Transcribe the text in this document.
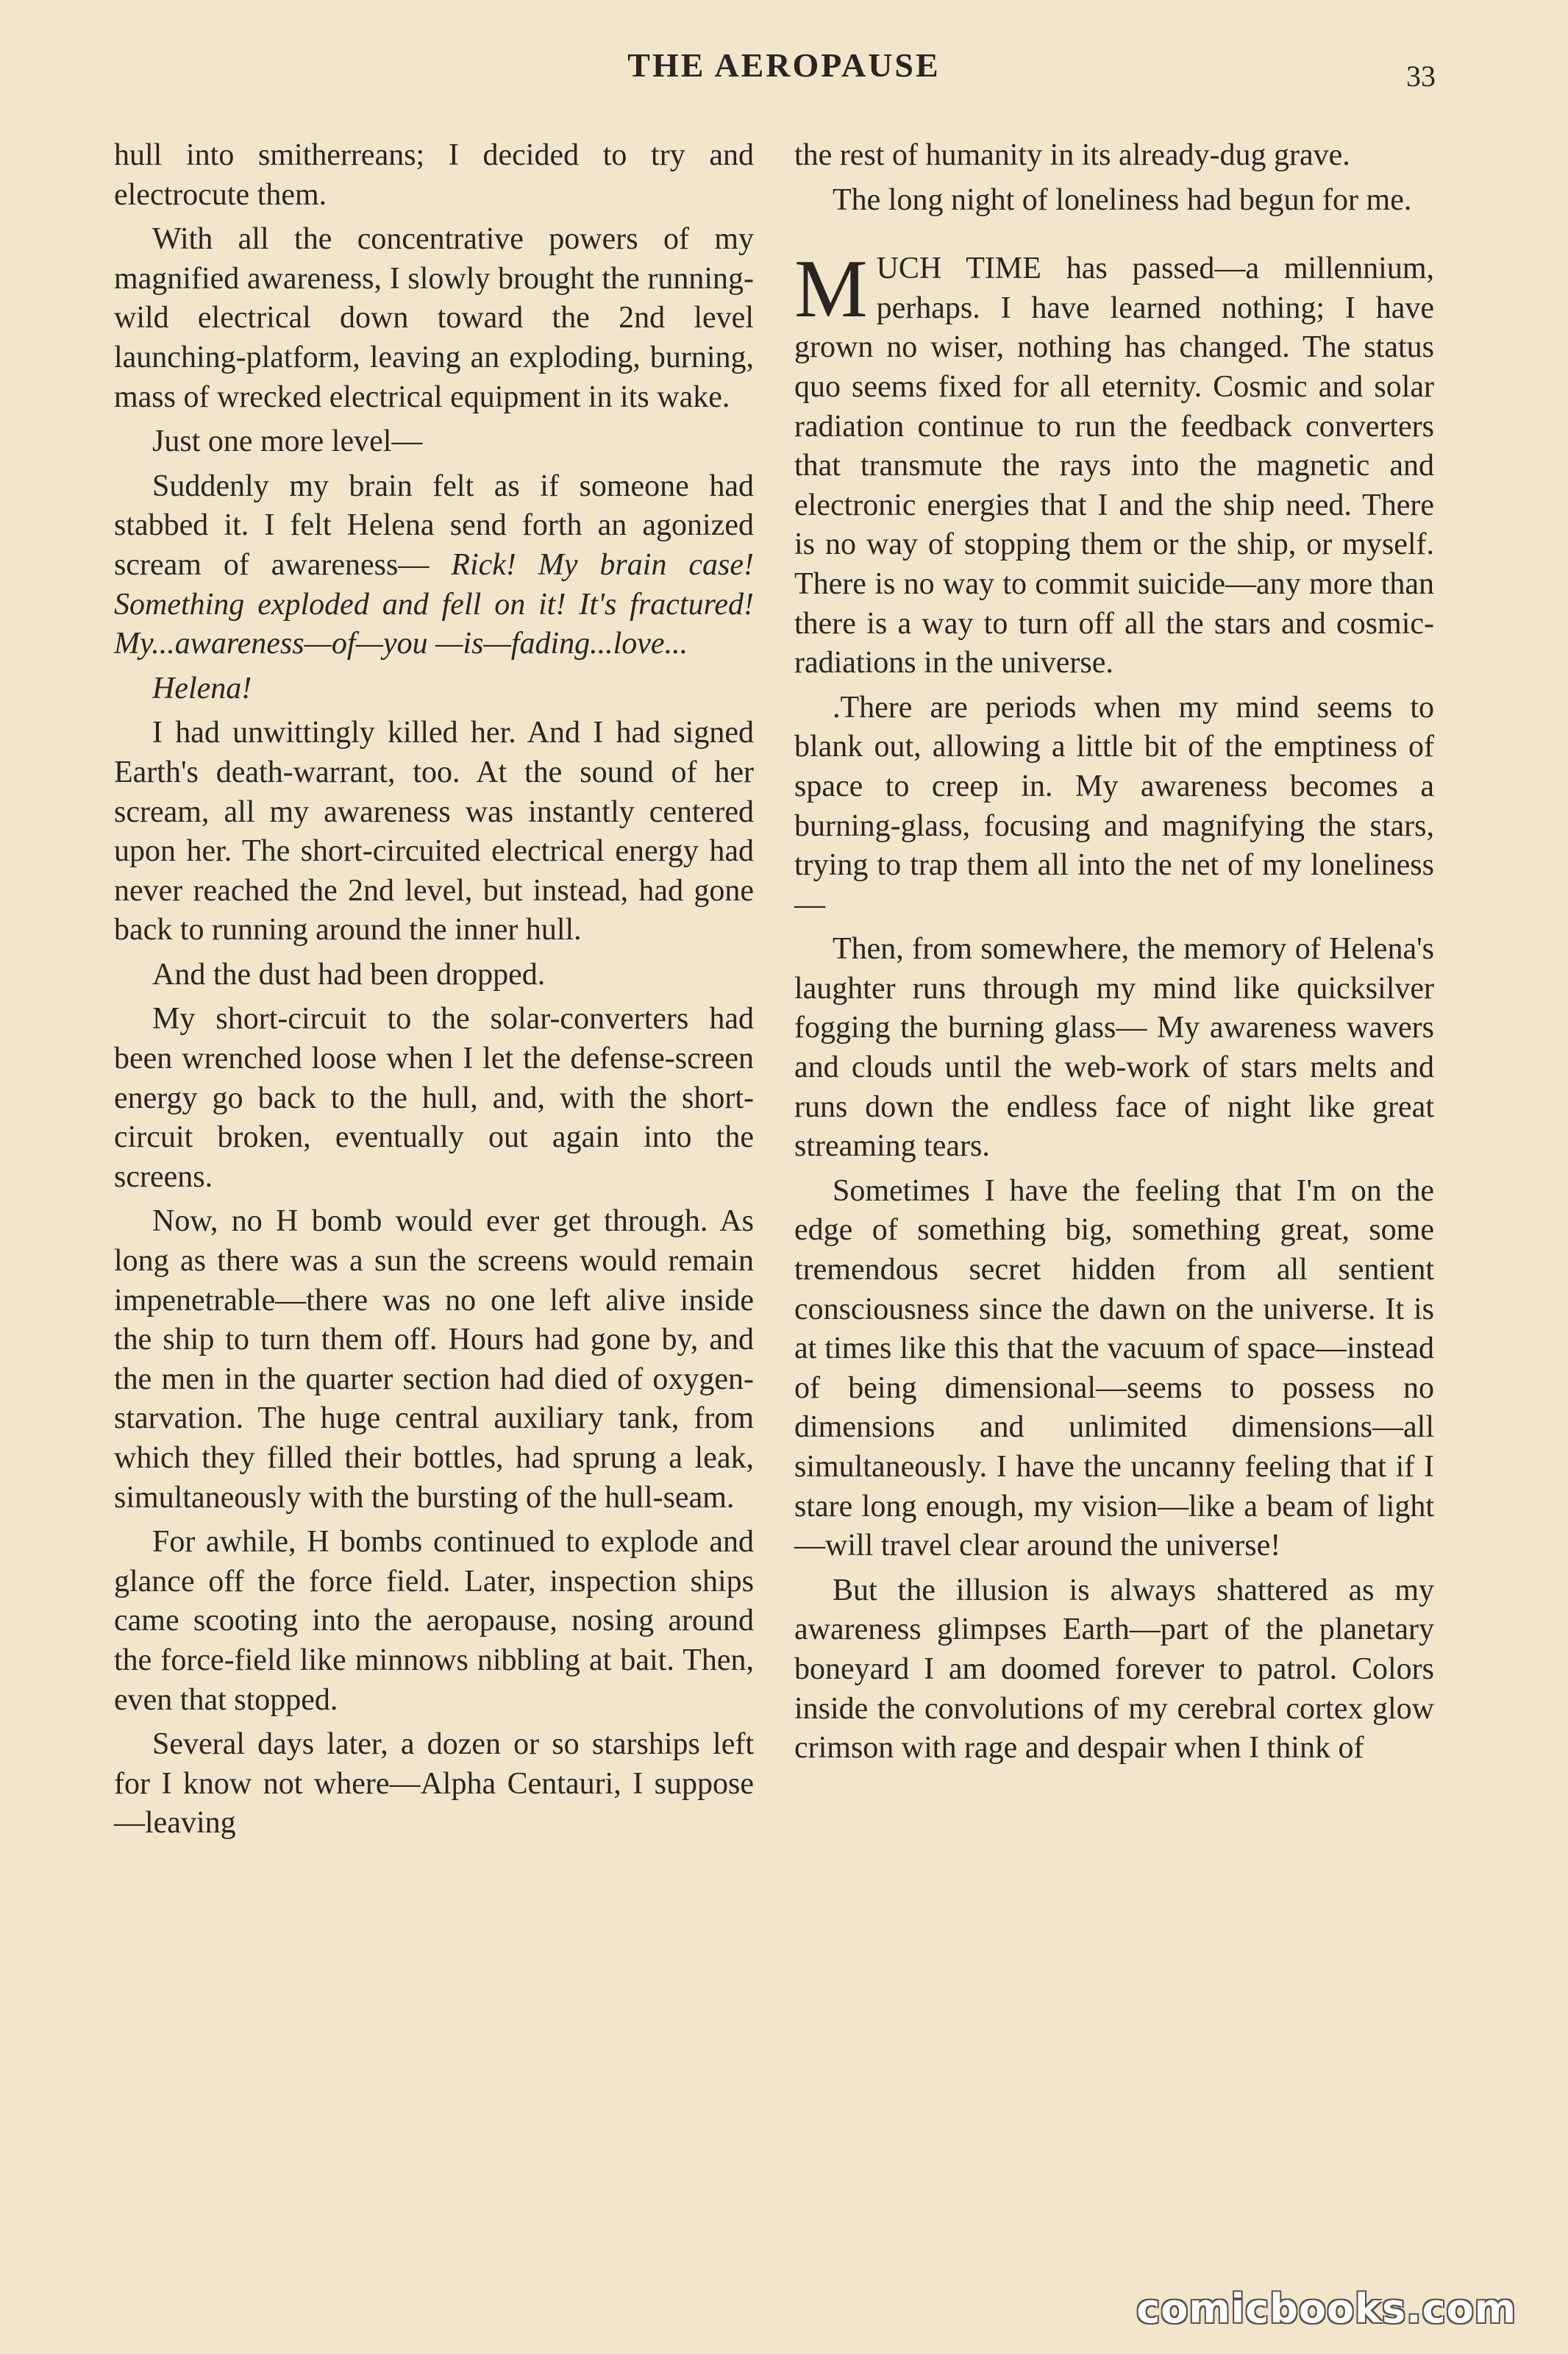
THE AEROPAUSE	33

hull into smitherreans; I decided to try and electrocute them.

With all the concentrative powers of my magnified awareness, I slowly brought the running-wild electrical down toward the 2nd level launching-platform, leaving an exploding, burning, mass of wrecked electrical equipment in its wake.

Just one more level—

Suddenly my brain felt as if someone had stabbed it. I felt Helena send forth an agonized scream of awareness— Rick! My brain case! Something exploded and fell on it! It's fractured! My...awareness—of—you —is—fading...love...

Helena!

I had unwittingly killed her. And I had signed Earth's death-warrant, too. At the sound of her scream, all my awareness was instantly centered upon her. The short-circuited electrical energy had never reached the 2nd level, but instead, had gone back to running around the inner hull.

And the dust had been dropped.

My short-circuit to the solar-converters had been wrenched loose when I let the defense-screen energy go back to the hull, and, with the short-circuit broken, eventually out again into the screens.

Now, no H bomb would ever get through. As long as there was a sun the screens would remain impenetrable—there was no one left alive inside the ship to turn them off. Hours had gone by, and the men in the quarter section had died of oxygen-starvation. The huge central auxiliary tank, from which they filled their bottles, had sprung a leak, simultaneously with the bursting of the hull-seam.

For awhile, H bombs continued to explode and glance off the force field. Later, inspection ships came scooting into the aeropause, nosing around the force-field like minnows nibbling at bait. Then, even that stopped.

Several days later, a dozen or so starships left for I know not where—Alpha Centauri, I suppose—leaving

the rest of humanity in its already-dug grave.

The long night of loneliness had begun for me.

MUCH TIME has passed—a millennium, perhaps. I have learned nothing; I have grown no wiser, nothing has changed. The status quo seems fixed for all eternity. Cosmic and solar radiation continue to run the feedback converters that transmute the rays into the magnetic and electronic energies that I and the ship need. There is no way of stopping them or the ship, or myself. There is no way to commit suicide—any more than there is a way to turn off all the stars and cosmic-radiations in the universe.

.There are periods when my mind seems to blank out, allowing a little bit of the emptiness of space to creep in. My awareness becomes a burning-glass, focusing and magnifying the stars, trying to trap them all into the net of my loneliness—

Then, from somewhere, the memory of Helena's laughter runs through my mind like quicksilver fogging the burning glass— My awareness wavers and clouds until the web-work of stars melts and runs down the endless face of night like great streaming tears.

Sometimes I have the feeling that I'm on the edge of something big, something great, some tremendous secret hidden from all sentient consciousness since the dawn on the universe. It is at times like this that the vacuum of space—instead of being dimensional—seems to possess no dimensions and unlimited dimensions—all simultaneously. I have the uncanny feeling that if I stare long enough, my vision—like a beam of light—will travel clear around the universe!

But the illusion is always shattered as my awareness glimpses Earth—part of the planetary boneyard I am doomed forever to patrol. Colors inside the convolutions of my cerebral cortex glow crimson with rage and despair when I think of

comicbooks.com
